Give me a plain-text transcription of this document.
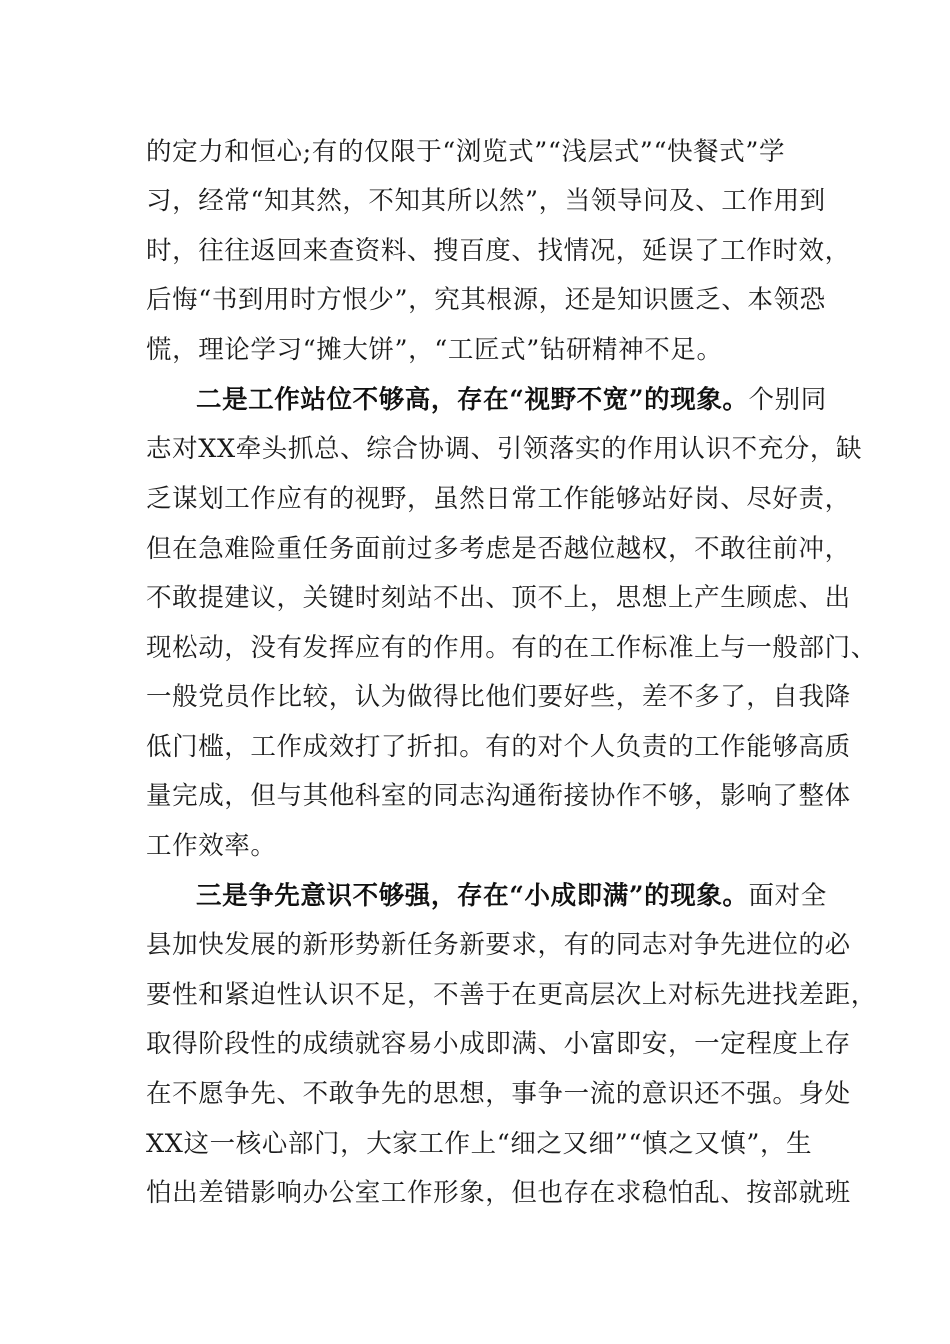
的定力和恒心;有的仅限于“浏览式”“浅层式”“快餐式”学
习，经常“知其然，不知其所以然”，当领导问及、工作用到
时，往往返回来查资料、搜百度、找情况，延误了工作时效，
后悔“书到用时方恨少”，究其根源，还是知识匮乏、本领恐
慌，理论学习“摊大饼”，“工匠式”钻研精神不足。
二是工作站位不够高，存在“视野不宽”的现象。个别同
志对XX牵头抓总、综合协调、引领落实的作用认识不充分，缺
乏谋划工作应有的视野，虽然日常工作能够站好岗、尽好责，
但在急难险重任务面前过多考虑是否越位越权，不敢往前冲，
不敢提建议，关键时刻站不出、顶不上，思想上产生顾虑、出
现松动，没有发挥应有的作用。有的在工作标准上与一般部门、
一般党员作比较，认为做得比他们要好些，差不多了，自我降
低门槛，工作成效打了折扣。有的对个人负责的工作能够高质
量完成，但与其他科室的同志沟通衔接协作不够，影响了整体
工作效率。
三是争先意识不够强，存在“小成即满”的现象。面对全
县加快发展的新形势新任务新要求，有的同志对争先进位的必
要性和紧迫性认识不足，不善于在更高层次上对标先进找差距，
取得阶段性的成绩就容易小成即满、小富即安，一定程度上存
在不愿争先、不敢争先的思想，事争一流的意识还不强。身处
XX这一核心部门，大家工作上“细之又细”“慎之又慎”，生
怕出差错影响办公室工作形象，但也存在求稳怕乱、按部就班
